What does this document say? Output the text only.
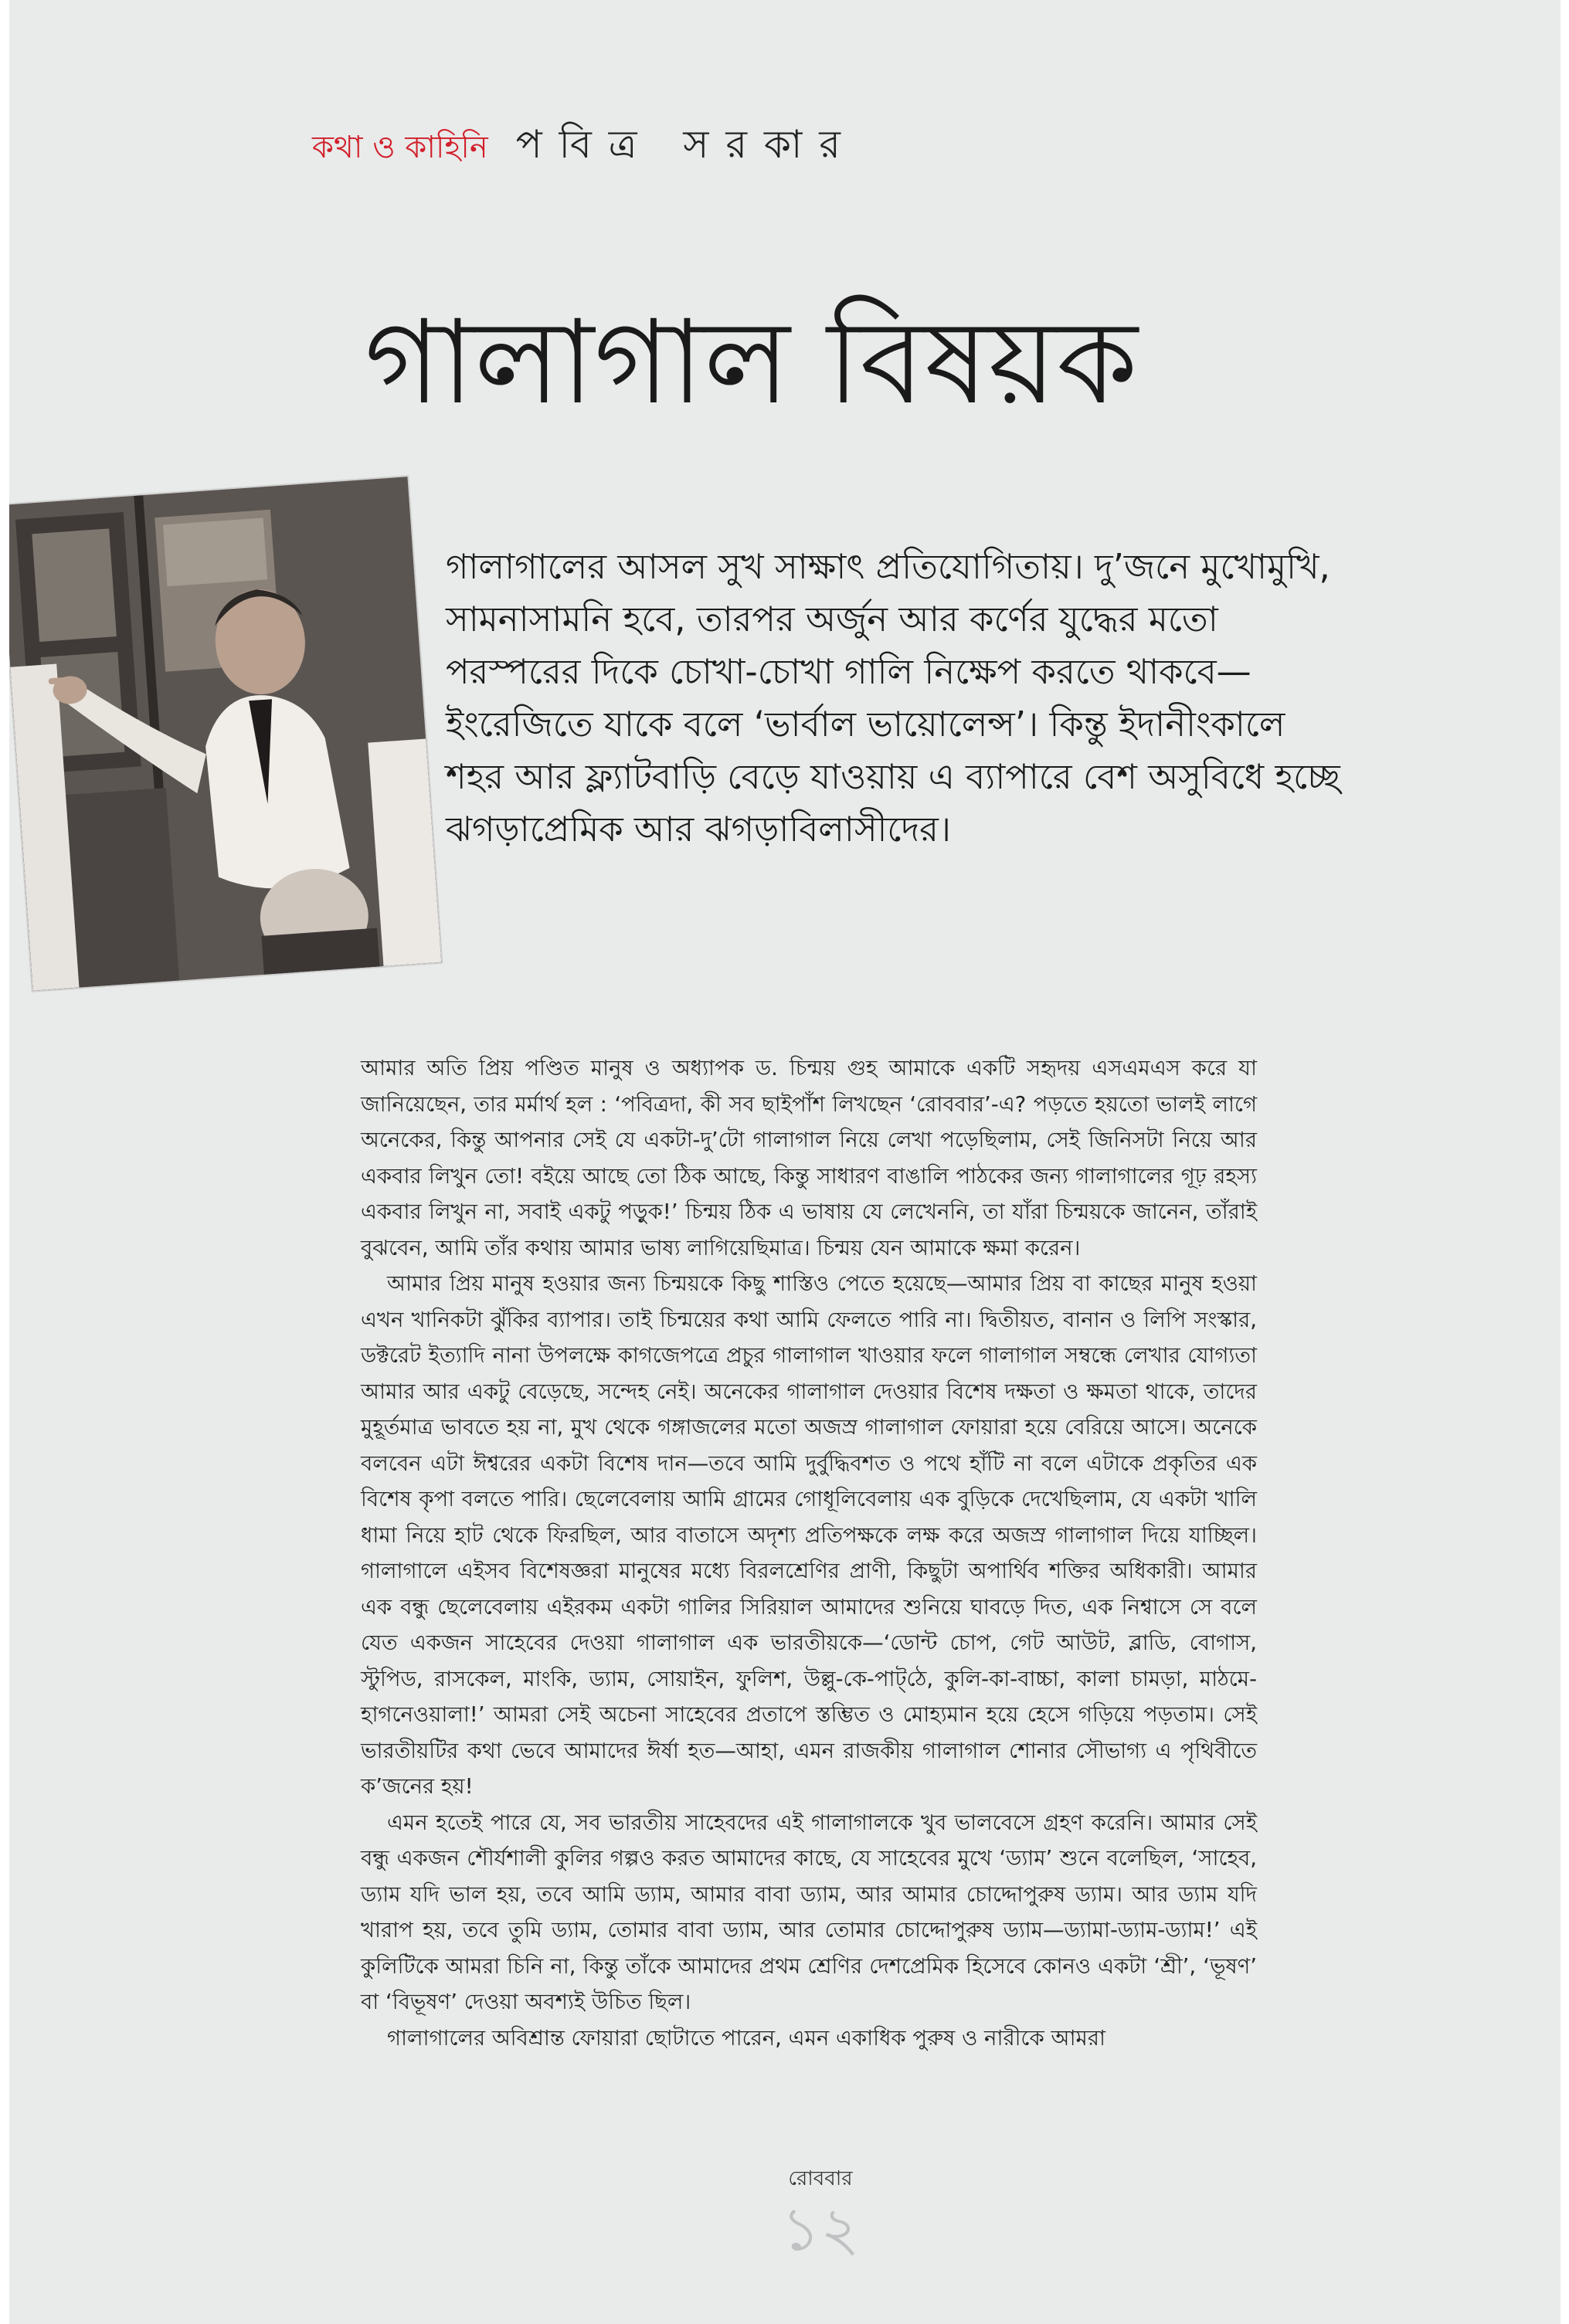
কথা ও কাহিনি পবিত্র সরকার
গালাগাল বিষয়ক

গালাগালের আসল সুখ সাক্ষাৎ প্রতিযোগিতায়। দু’জনে মুখোমুখি, সামনাসামনি হবে, তারপর অর্জুন আর কর্ণের যুদ্ধের মতো পরস্পরের দিকে চোখা-চোখা গালি নিক্ষেপ করতে থাকবে—ইংরেজিতে যাকে বলে ‘ভার্বাল ভায়োলেন্স’। কিন্তু ইদানীংকালে শহর আর ফ্ল্যাটবাড়ি বেড়ে যাওয়ায় এ ব্যাপারে বেশ অসুবিধে হচ্ছে ঝগড়াপ্রেমিক আর ঝগড়াবিলাসীদের।

আমার অতি প্রিয় পণ্ডিত মানুষ ও অধ্যাপক ড. চিন্ময় গুহ আমাকে একটি সহৃদয় এসএমএস করে যা জানিয়েছেন, তার মর্মার্থ হল : ‘পবিত্রদা, কী সব ছাইপাঁশ লিখছেন ‘রোববার’-এ? পড়তে হয়তো ভালই লাগে অনেকের, কিন্তু আপনার সেই যে একটা-দু’টো গালাগাল নিয়ে লেখা পড়েছিলাম, সেই জিনিসটা নিয়ে আর একবার লিখুন তো! বইয়ে আছে তো ঠিক আছে, কিন্তু সাধারণ বাঙালি পাঠকের জন্য গালাগালের গূঢ় রহস্য একবার লিখুন না, সবাই একটু পড়ুক!’ চিন্ময় ঠিক এ ভাষায় যে লেখেননি, তা যাঁরা চিন্ময়কে জানেন, তাঁরাই বুঝবেন, আমি তাঁর কথায় আমার ভাষ্য লাগিয়েছিমাত্র। চিন্ময় যেন আমাকে ক্ষমা করেন।

আমার প্রিয় মানুষ হওয়ার জন্য চিন্ময়কে কিছু শাস্তিও পেতে হয়েছে—আমার প্রিয় বা কাছের মানুষ হওয়া এখন খানিকটা ঝুঁকির ব্যাপার। তাই চিন্ময়ের কথা আমি ফেলতে পারি না। দ্বিতীয়ত, বানান ও লিপি সংস্কার, ডক্টরেট ইত্যাদি নানা উপলক্ষে কাগজেপত্রে প্রচুর গালাগাল খাওয়ার ফলে গালাগাল সম্বন্ধে লেখার যোগ্যতা আমার আর একটু বেড়েছে, সন্দেহ নেই। অনেকের গালাগাল দেওয়ার বিশেষ দক্ষতা ও ক্ষমতা থাকে, তাদের মুহূর্তমাত্র ভাবতে হয় না, মুখ থেকে গঙ্গাজলের মতো অজস্র গালাগাল ফোয়ারা হয়ে বেরিয়ে আসে। অনেকে বলবেন এটা ঈশ্বরের একটা বিশেষ দান—তবে আমি দুর্বুদ্ধিবশত ও পথে হাঁটি না বলে এটাকে প্রকৃতির এক বিশেষ কৃপা বলতে পারি। ছেলেবেলায় আমি গ্রামের গোধূলিবেলায় এক বুড়িকে দেখেছিলাম, যে একটা খালি ধামা নিয়ে হাট থেকে ফিরছিল, আর বাতাসে অদৃশ্য প্রতিপক্ষকে লক্ষ করে অজস্র গালাগাল দিয়ে যাচ্ছিল। গালাগালে এইসব বিশেষজ্ঞরা মানুষের মধ্যে বিরলশ্রেণির প্রাণী, কিছুটা অপার্থিব শক্তির অধিকারী। আমার এক বন্ধু ছেলেবেলায় এইরকম একটা গালির সিরিয়াল আমাদের শুনিয়ে ঘাবড়ে দিত, এক নিশ্বাসে সে বলে যেত একজন সাহেবের দেওয়া গালাগাল এক ভারতীয়কে—‘ডোন্ট চোপ, গেট আউট, ব্লাডি, বোগাস, স্টুপিড, রাসকেল, মাংকি, ড্যাম, সোয়াইন, ফুলিশ, উল্লু-কে-পাট্‌ঠে, কুলি-কা-বাচ্চা, কালা চামড়া, মাঠমে-হাগনেওয়ালা!’ আমরা সেই অচেনা সাহেবের প্রতাপে স্তম্ভিত ও মোহ্যমান হয়ে হেসে গড়িয়ে পড়তাম। সেই ভারতীয়টির কথা ভেবে আমাদের ঈর্ষা হত—আহা, এমন রাজকীয় গালাগাল শোনার সৌভাগ্য এ পৃথিবীতে ক’জনের হয়!

এমন হতেই পারে যে, সব ভারতীয় সাহেবদের এই গালাগালকে খুব ভালবেসে গ্রহণ করেনি। আমার সেই বন্ধু একজন শৌর্যশালী কুলির গল্পও করত আমাদের কাছে, যে সাহেবের মুখে ‘ড্যাম’ শুনে বলেছিল, ‘সাহেব, ড্যাম যদি ভাল হয়, তবে আমি ড্যাম, আমার বাবা ড্যাম, আর আমার চোদ্দোপুরুষ ড্যাম। আর ড্যাম যদি খারাপ হয়, তবে তুমি ড্যাম, তোমার বাবা ড্যাম, আর তোমার চোদ্দোপুরুষ ড্যাম—ড্যামা-ড্যাম-ড্যাম!’ এই কুলিটিকে আমরা চিনি না, কিন্তু তাঁকে আমাদের প্রথম শ্রেণির দেশপ্রেমিক হিসেবে কোনও একটা ‘শ্রী’, ‘ভূষণ’ বা ‘বিভূষণ’ দেওয়া অবশ্যই উচিত ছিল।

গালাগালের অবিশ্রান্ত ফোয়ারা ছোটাতে পারেন, এমন একাধিক পুরুষ ও নারীকে আমরা

রোববার
১২
